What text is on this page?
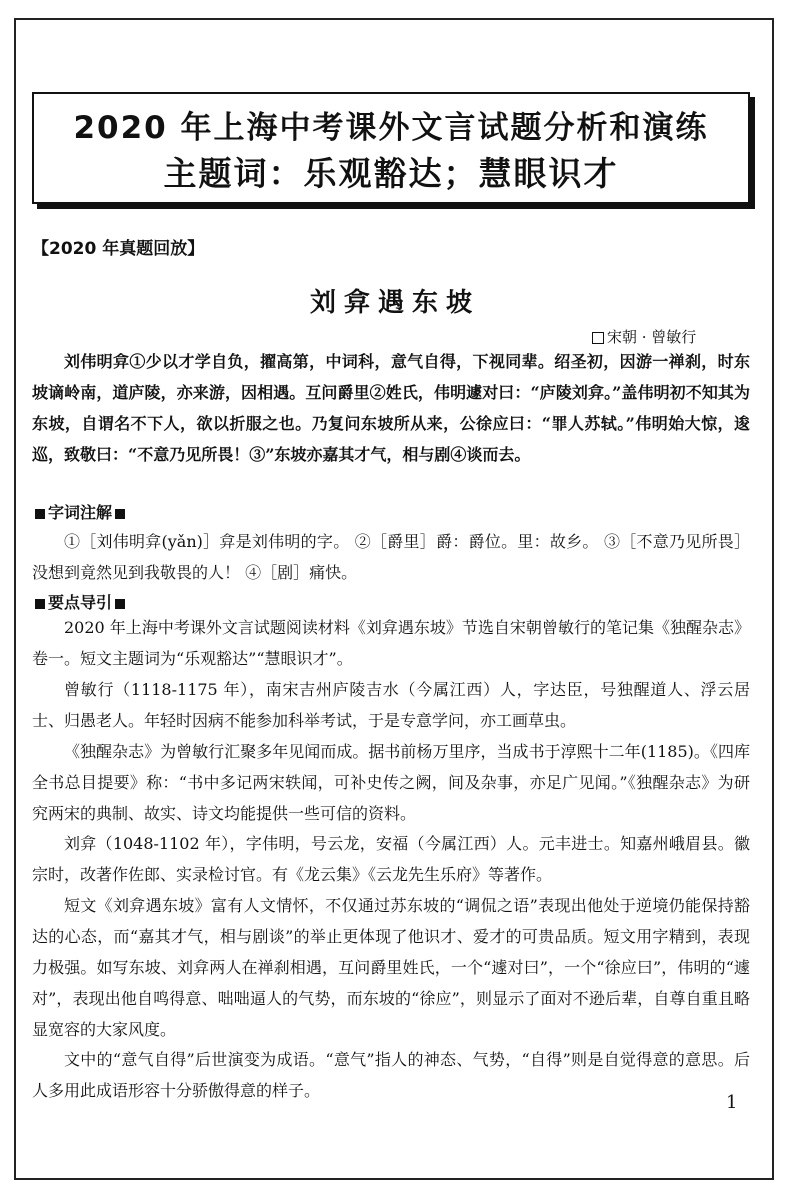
2020 年上海中考课外文言试题分析和演练
主题词：乐观豁达；慧眼识才
【2020 年真题回放】
刘弇遇东坡
宋朝 · 曾敏行
刘伟明弇①少以才学自负，擢高第，中词科，意气自得，下视同辈。绍圣初，因游一禅刹，时东坡谪岭南，道庐陵，亦来游，因相遇。互问爵里②姓氏，伟明遽对曰：“庐陵刘弇。”盖伟明初不知其为东坡，自谓名不下人，欲以折服之也。乃复问东坡所从来，公徐应曰：“罪人苏轼。”伟明始大惊，逡巡，致敬曰：“不意乃见所畏！③”东坡亦嘉其才气，相与剧④谈而去。
字词注解
①［刘伟明弇(yǎn)］弇是刘伟明的字。 ②［爵里］爵：爵位。里：故乡。 ③［不意乃见所畏］没想到竟然见到我敬畏的人！ ④［剧］痛快。
要点导引
2020 年上海中考课外文言试题阅读材料《刘弇遇东坡》节选自宋朝曾敏行的笔记集《独醒杂志》卷一。短文主题词为“乐观豁达”“慧眼识才”。
曾敏行（1118-1175 年），南宋吉州庐陵吉水（今属江西）人，字达臣，号独醒道人、浮云居士、归愚老人。年轻时因病不能参加科举考试，于是专意学问，亦工画草虫。
《独醒杂志》为曾敏行汇聚多年见闻而成。据书前杨万里序，当成书于淳熙十二年(1185)。《四库全书总目提要》称：“书中多记两宋轶闻，可补史传之阙，间及杂事，亦足广见闻。”《独醒杂志》为研究两宋的典制、故实、诗文均能提供一些可信的资料。
刘弇（1048-1102 年），字伟明，号云龙，安福（今属江西）人。元丰进士。知嘉州峨眉县。徽宗时，改著作佐郎、实录检讨官。有《龙云集》《云龙先生乐府》等著作。
短文《刘弇遇东坡》富有人文情怀，不仅通过苏东坡的“调侃之语”表现出他处于逆境仍能保持豁达的心态，而“嘉其才气，相与剧谈”的举止更体现了他识才、爱才的可贵品质。短文用字精到，表现力极强。如写东坡、刘弇两人在禅刹相遇，互问爵里姓氏，一个“遽对曰”，一个“徐应曰”，伟明的“遽对”，表现出他自鸣得意、咄咄逼人的气势，而东坡的“徐应”，则显示了面对不逊后辈，自尊自重且略显宽容的大家风度。
文中的“意气自得”后世演变为成语。“意气”指人的神态、气势，“自得”则是自觉得意的意思。后人多用此成语形容十分骄傲得意的样子。
1
